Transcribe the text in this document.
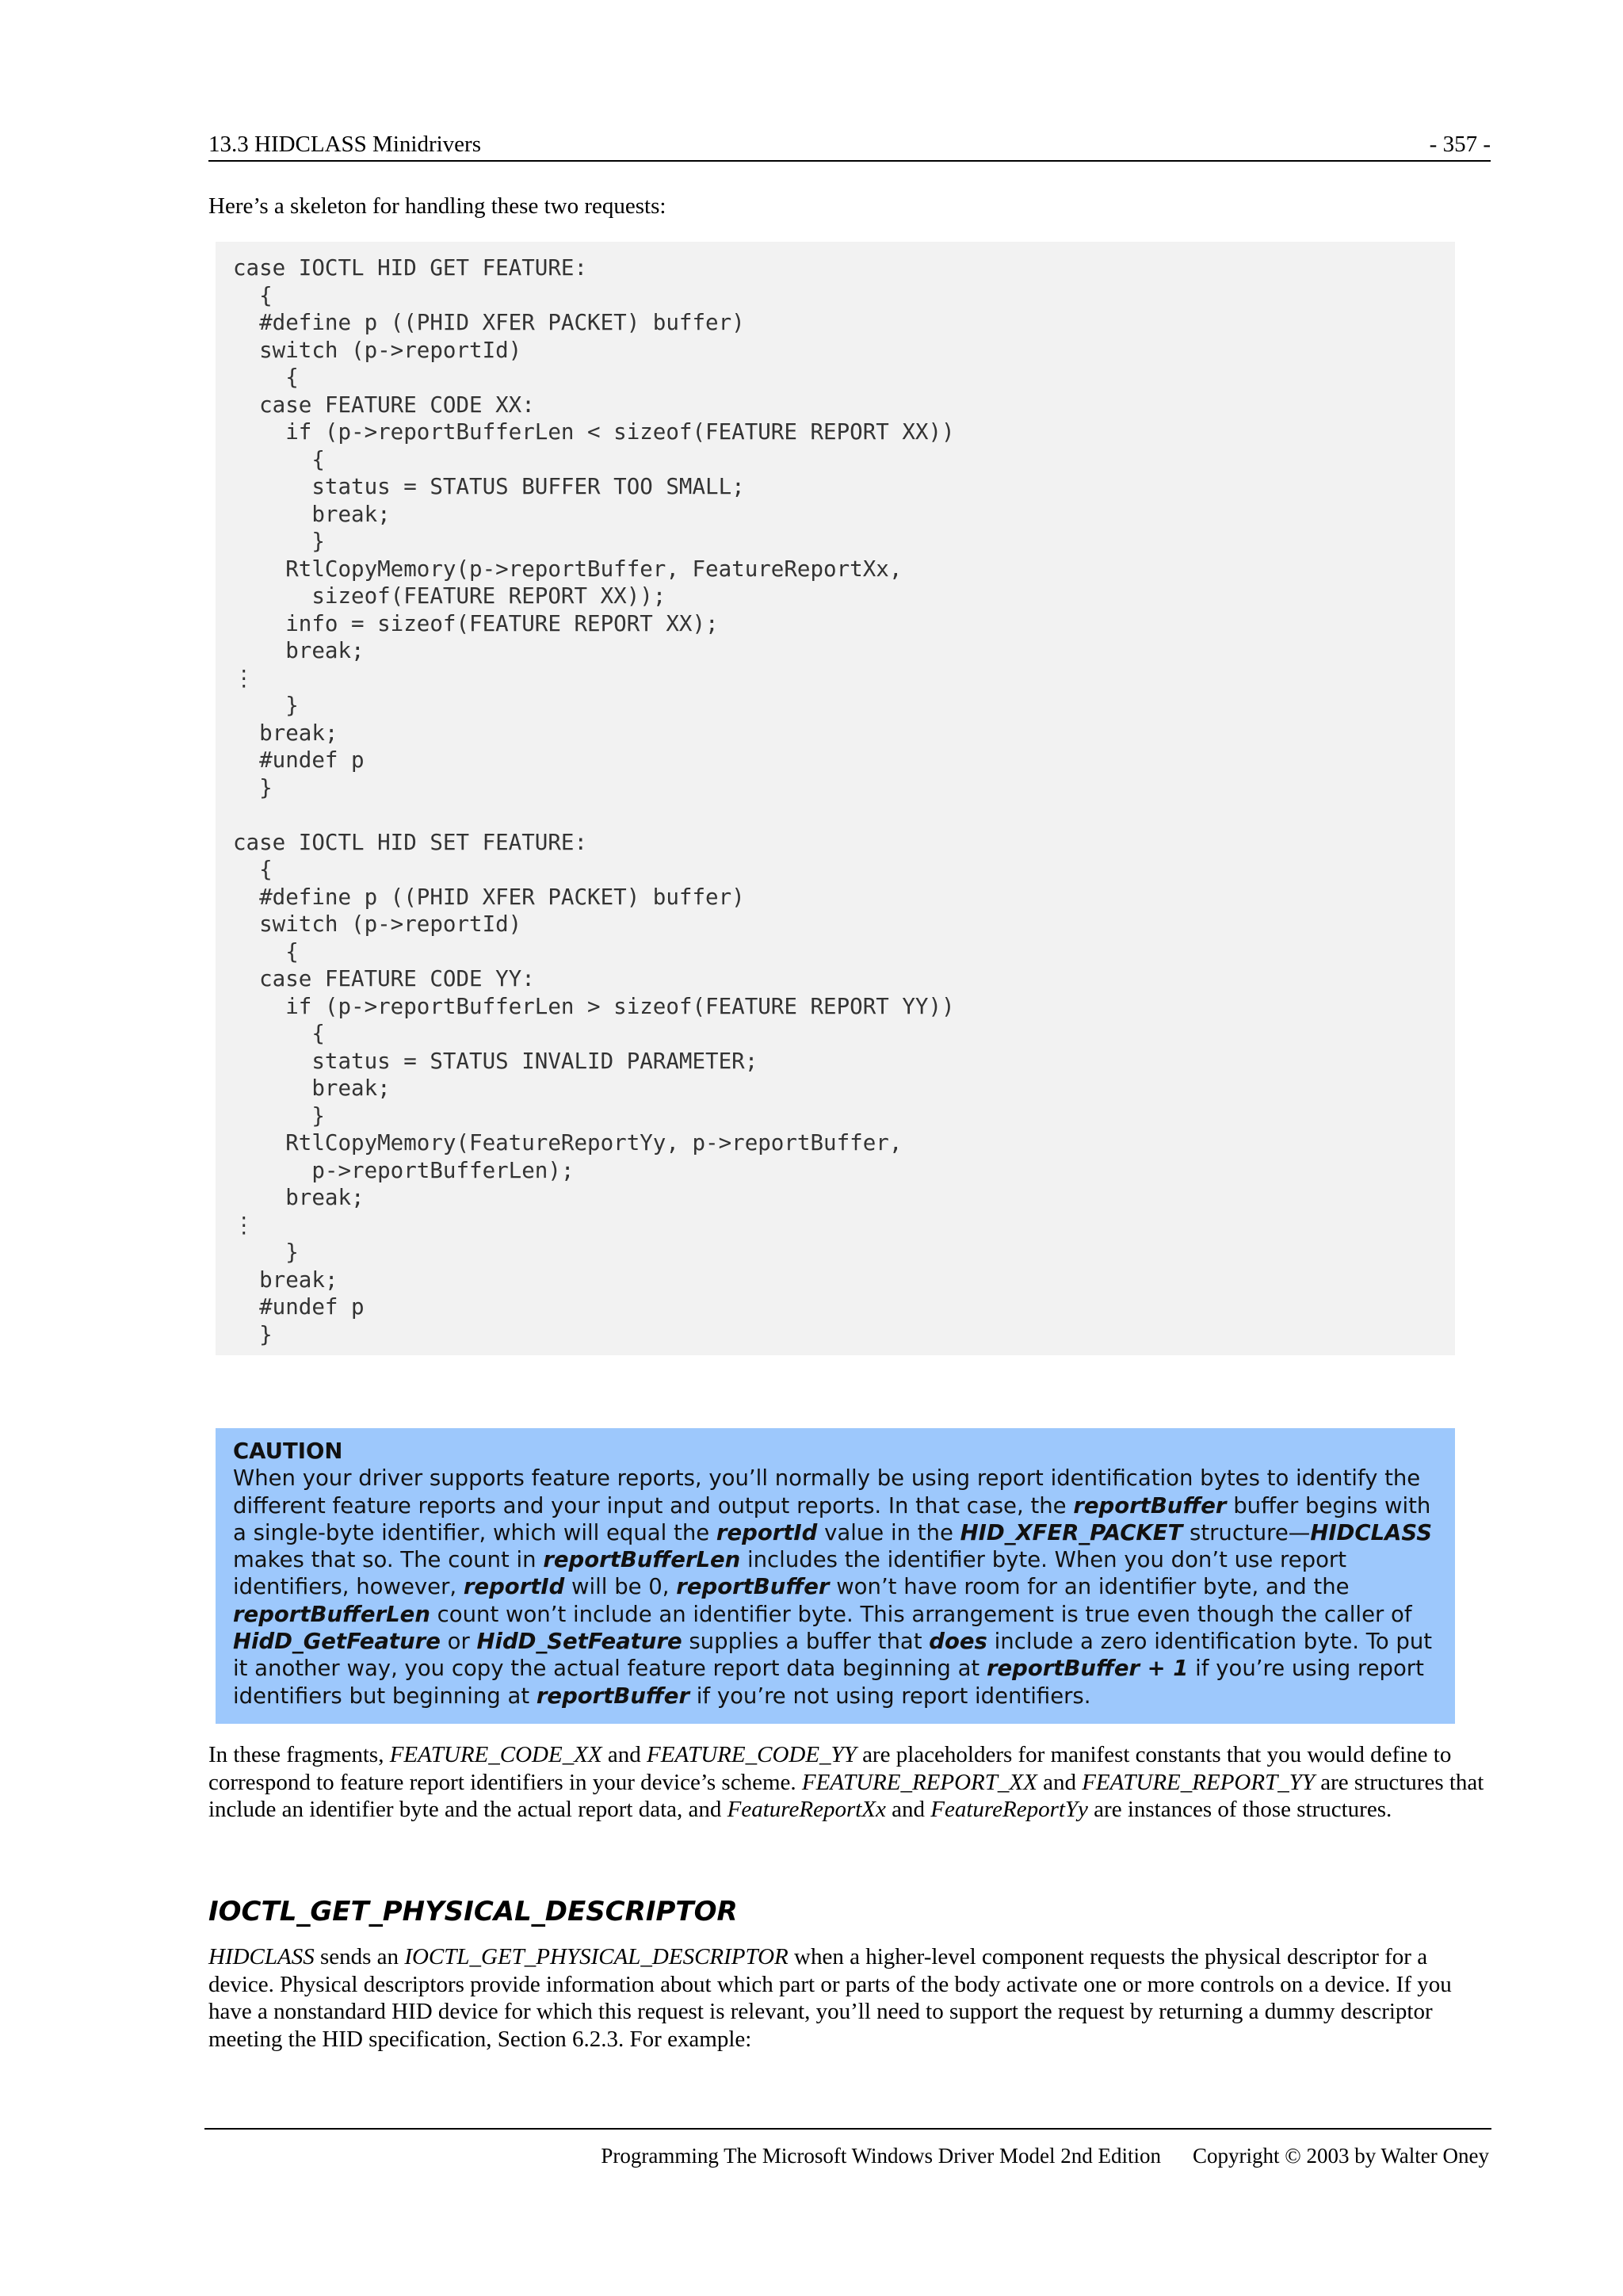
13.3 HIDCLASS Minidrivers	- 357 -
Here’s a skeleton for handling these two requests:
case IOCTL HID GET FEATURE:
{
#define p ((PHID XFER PACKET) buffer)
switch (p->reportId)
{
case FEATURE CODE XX:
if (p->reportBufferLen < sizeof(FEATURE REPORT XX))
{
status = STATUS BUFFER TOO SMALL;
break;
}
RtlCopyMemory(p->reportBuffer, FeatureReportXx,
sizeof(FEATURE REPORT XX));
info = sizeof(FEATURE REPORT XX);
break;
⋮
}
break;
#undef p
}

case IOCTL HID SET FEATURE:
{
#define p ((PHID XFER PACKET) buffer)
switch (p->reportId)
{
case FEATURE CODE YY:
if (p->reportBufferLen > sizeof(FEATURE REPORT YY))
{
status = STATUS INVALID PARAMETER;
break;
}
RtlCopyMemory(FeatureReportYy, p->reportBuffer,
p->reportBufferLen);
break;
⋮
}
break;
#undef p
}
CAUTION
When your driver supports feature reports, you’ll normally be using report identification bytes to identify the different feature reports and your input and output reports. In that case, the reportBuffer buffer begins with a single-byte identifier, which will equal the reportId value in the HID_XFER_PACKET structure—HIDCLASS makes that so. The count in reportBufferLen includes the identifier byte. When you don’t use report identifiers, however, reportId will be 0, reportBuffer won’t have room for an identifier byte, and the reportBufferLen count won’t include an identifier byte. This arrangement is true even though the caller of HidD_GetFeature or HidD_SetFeature supplies a buffer that does include a zero identification byte. To put it another way, you copy the actual feature report data beginning at reportBuffer + 1 if you’re using report identifiers but beginning at reportBuffer if you’re not using report identifiers.
In these fragments, FEATURE_CODE_XX and FEATURE_CODE_YY are placeholders for manifest constants that you would define to correspond to feature report identifiers in your device’s scheme. FEATURE_REPORT_XX and FEATURE_REPORT_YY are structures that include an identifier byte and the actual report data, and FeatureReportXx and FeatureReportYy are instances of those structures.
IOCTL_GET_PHYSICAL_DESCRIPTOR
HIDCLASS sends an IOCTL_GET_PHYSICAL_DESCRIPTOR when a higher-level component requests the physical descriptor for a device. Physical descriptors provide information about which part or parts of the body activate one or more controls on a device. If you have a nonstandard HID device for which this request is relevant, you’ll need to support the request by returning a dummy descriptor meeting the HID specification, Section 6.2.3. For example:
Programming The Microsoft Windows Driver Model 2nd Edition Copyright © 2003 by Walter Oney
